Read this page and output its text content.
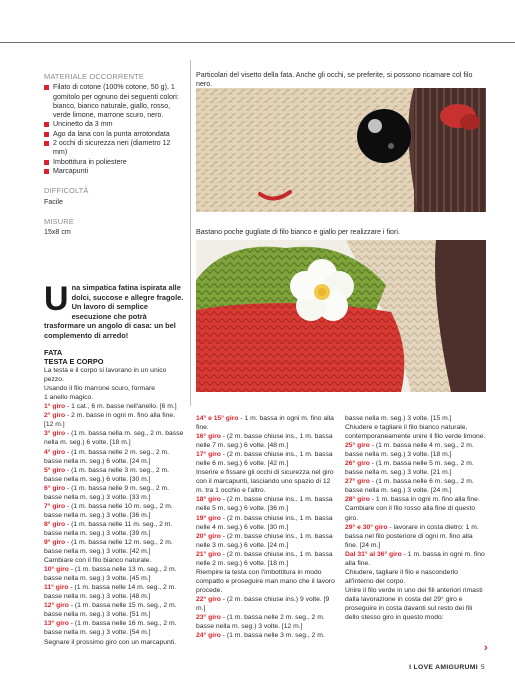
MATERIALE OCCORRENTE

Filato di cotone (100% cotone, 50 g), 1 gomitolo per ognuno dei seguenti colori: bianco, bianco naturale, giallo, rosso, verde limone, marrone scuro, nero.
Uncinetto da 3 mm
Ago da lana con la punta arrotondata
2 occhi di sicurezza neri (diametro 12 mm)
Imbottitura in poliestere
Marcapunti

DIFFICOLTÀ

Facile

MISURE

15x8 cm

Particolari del visetto della fata. Anche gli occhi, se preferite, si possono ricamare col filo nero.
Bastano poche gugliate di filo bianco e giallo per realizzare i fiori.
U na simpatica fatina ispirata alle dolci, succose e allegre fragole. Un lavoro di semplice esecuzione che potrà trasformare un angolo di casa: un bel complemento di arredo!

FATA

TESTA E CORPO

La testa e il corpo si lavorano in un unico pezzo.

Usando il filo marrone scuro, formare

1 anello magico.

1° giro - 1 cat., 6 m. basse nell'anello. [6 m.]

2° giro - 2 m. basse in ogni m. fino alla fine. [12 m.]

3° giro - (1 m. bassa nella m. seg., 2 m. basse nella m. seg.) 6 volte. [18 m.]

4° giro - (1 m. bassa nelle 2 m. seg., 2 m. basse nella m. seg.) 6 volte. [24 m.]

5° giro - (1 m. bassa nelle 3 m. seg., 2 m. basse nella m. seg.) 6 volte. [30 m.]

6° giro - (1 m. bassa nelle 9 m. seg., 2 m. basse nella m. seg.) 3 volte. [33 m.]

7° giro - (1 m. bassa nelle 10 m. seg., 2 m. basse nella m. seg.) 3 volte. [36 m.]

8° giro - (1 m. bassa nelle 11 m. seg., 2 m. basse nella m. seg.) 3 volte. [39 m.]

9° giro - (1 m. bassa nelle 12 m. seg., 2 m. basse nella m. seg.) 3 volte. [42 m.]

Cambiare con il filo bianco naturale.

10° giro - (1 m. bassa nelle 13 m. seg., 2 m. basse nella m. seg.) 3 volte. [45 m.]

11° giro - (1 m. bassa nelle 14 m. seg., 2 m. basse nella m. seg.) 3 volte. [48 m.]

12° giro - (1 m. bassa nelle 15 m. seg., 2 m. basse nella m. seg.) 3 volte. [51 m.]

13° giro - (1 m. bassa nelle 16 m. seg., 2 m. basse nella m. seg.) 3 volte. [54 m.]

Segnare il prossimo giro con un marcapunti.

14° e 15° giro - 1 m. bassa in ogni m. fino alla fine.

16° giro - (2 m. basse chiuse ins., 1 m. bassa nelle 7 m. seg.) 6 volte. [48 m.]

17° giro - (2 m. basse chiuse ins., 1 m. bassa nelle 6 m. seg.) 6 volte. [42 m.]

Inserire e fissare gli occhi di sicurezza nel giro con il marcapunti, lasciando uno spazio di 12 m. tra 1 occhio e l'altro.

18° giro - (2 m. basse chiuse ins., 1 m. bassa nelle 5 m. seg.) 6 volte. [36 m.]

19° giro - (2 m. basse chiuse ins., 1 m. bassa nelle 4 m. seg.) 6 volte. [30 m.]

20° giro - (2 m. basse chiuse ins., 1 m. bassa nelle 3 m. seg.) 6 volte. [24 m.]

21° giro - (2 m. basse chiuse ins., 1 m. bassa nelle 2 m. seg.) 6 volte. [18 m.]

Riempire la testa con l'imbottitura in modo compatto e proseguire man mano che il lavoro procede.

22° giro - (2 m. basse chiuse ins.) 9 volte. [9 m.]

23° giro - (1 m. bassa nelle 2 m. seg., 2 m. basse nella m. seg.) 3 volte. [12 m.]

24° giro - (1 m. bassa nelle 3 m. seg., 2 m.

basse nella m. seg.) 3 volte. [15 m.]

Chiudere e tagliare il filo bianco naturale, contemporaneamente unire il filo verde limone.

25° giro - (1 m. bassa nelle 4 m. seg., 2 m. basse nella m. seg.) 3 volte. [18 m.]

26° giro - (1 m. bassa nelle 5 m. seg., 2 m. basse nella m. seg.) 3 volte. [21 m.]

27° giro - (1 m. bassa nelle 6 m. seg., 2 m. basse nella m. seg.) 3 volte. [24 m.]

28° giro - 1 m. bassa in ogni m. fino alla fine.

Cambiare con il filo rosso alla fine di questo giro.

29° e 30° giro - lavorare in costa dietro: 1 m. bassa nel filo posteriore di ogni m. fino alla fine. [24 m.]

Dal 31° al 36° giro - 1 m. bassa in ogni m. fino alla fine.

Chiudere, tagliare il filo e nasconderlo all'interno del corpo.

Unire il filo verde in uno dei fili anteriori rimasti dalla lavorazione in costa del 29° giro e proseguire in costa davanti sul resto dei fili dello stesso giro in questo modo:

›
I LOVE AMIGURUMI 5
